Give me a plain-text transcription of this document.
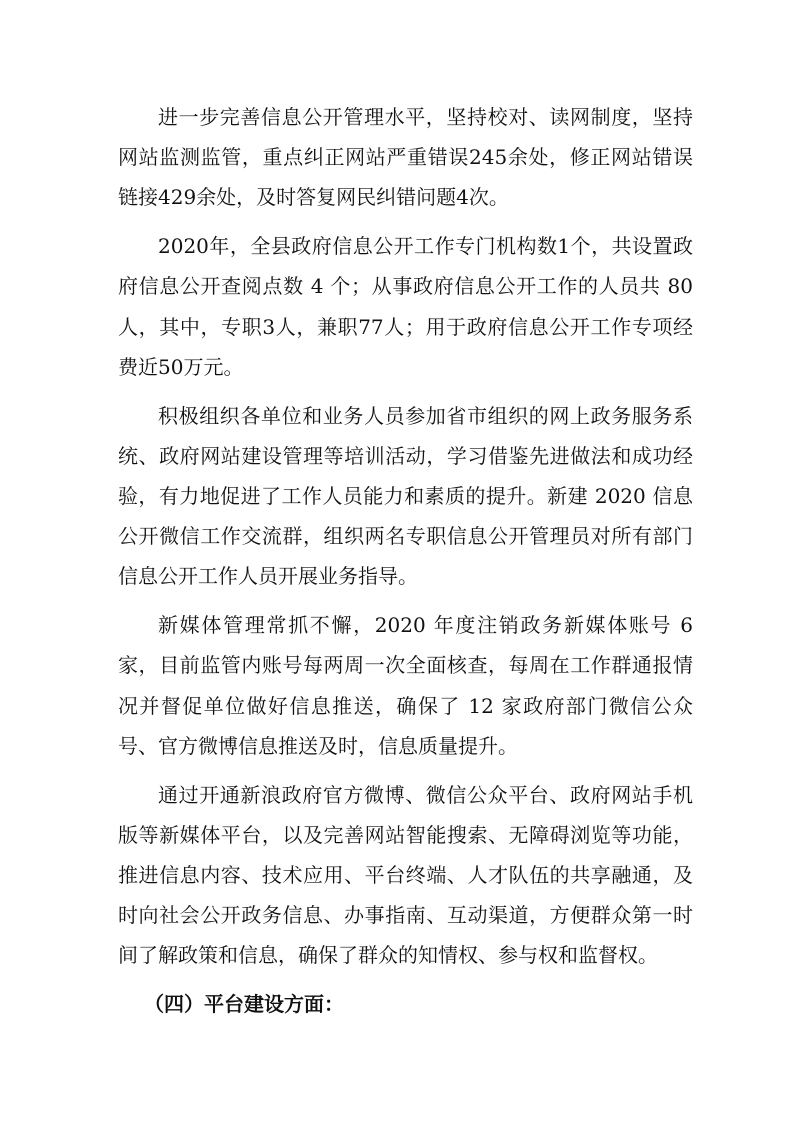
进一步完善信息公开管理水平，坚持校对、读网制度，坚持网站监测监管，重点纠正网站严重错误245余处，修正网站错误链接429余处，及时答复网民纠错问题4次。

2020年，全县政府信息公开工作专门机构数1个，共设置政府信息公开查阅点数 4 个；从事政府信息公开工作的人员共 80人，其中，专职3人，兼职77人；用于政府信息公开工作专项经费近50万元。

积极组织各单位和业务人员参加省市组织的网上政务服务系统、政府网站建设管理等培训活动，学习借鉴先进做法和成功经验，有力地促进了工作人员能力和素质的提升。新建 2020 信息公开微信工作交流群，组织两名专职信息公开管理员对所有部门信息公开工作人员开展业务指导。

新媒体管理常抓不懈，2020 年度注销政务新媒体账号 6 家，目前监管内账号每两周一次全面核查，每周在工作群通报情况并督促单位做好信息推送，确保了 12 家政府部门微信公众号、官方微博信息推送及时，信息质量提升。

通过开通新浪政府官方微博、微信公众平台、政府网站手机版等新媒体平台，以及完善网站智能搜索、无障碍浏览等功能，推进信息内容、技术应用、平台终端、人才队伍的共享融通，及时向社会公开政务信息、办事指南、互动渠道，方便群众第一时间了解政策和信息，确保了群众的知情权、参与权和监督权。

（四）平台建设方面：
